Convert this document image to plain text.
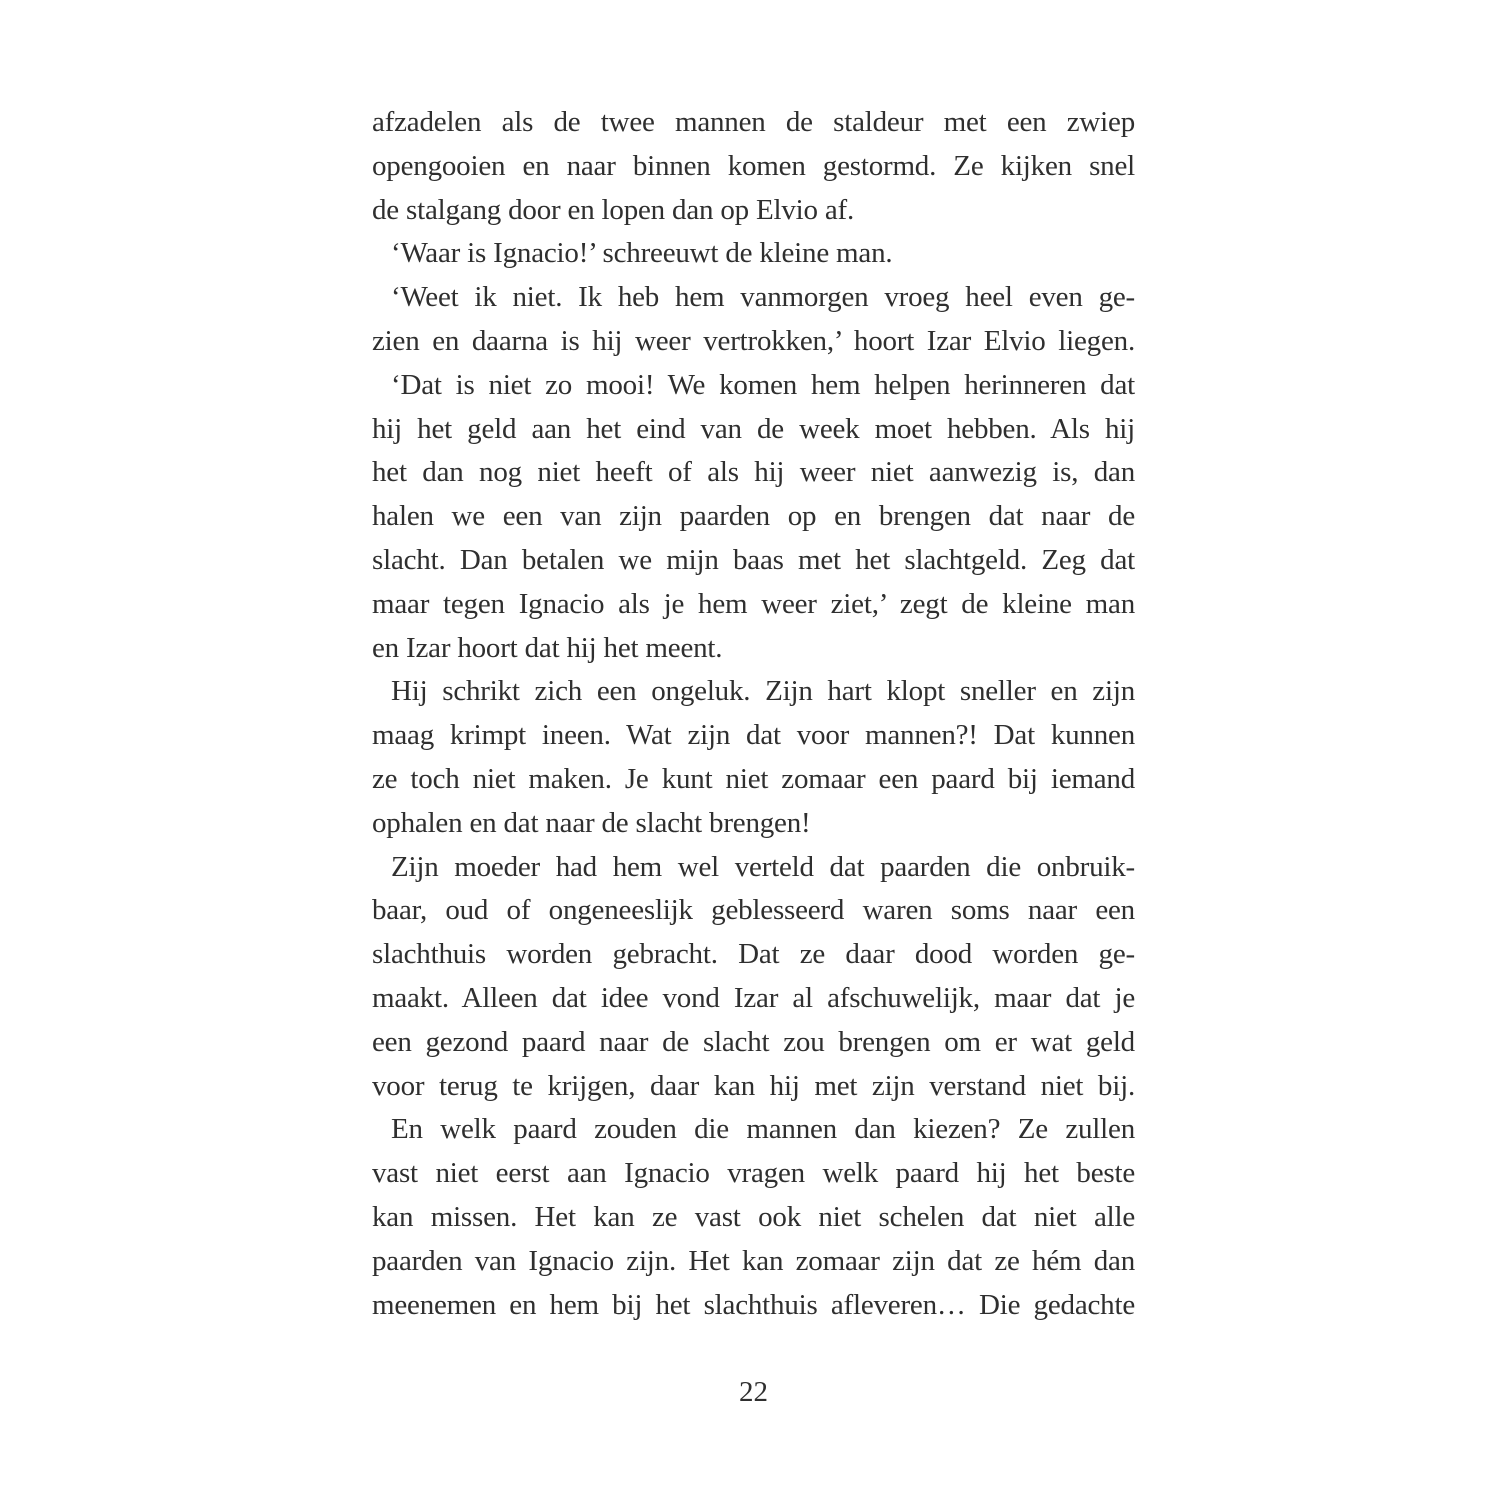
afzadelen als de twee mannen de staldeur met een zwiep
opengooien en naar binnen komen gestormd. Ze kijken snel
de stalgang door en lopen dan op Elvio af.
‘Waar is Ignacio!’ schreeuwt de kleine man.
‘Weet ik niet. Ik heb hem vanmorgen vroeg heel even ge-
zien en daarna is hij weer vertrokken,’ hoort Izar Elvio liegen.
‘Dat is niet zo mooi! We komen hem helpen herinneren dat
hij het geld aan het eind van de week moet hebben. Als hij
het dan nog niet heeft of als hij weer niet aanwezig is, dan
halen we een van zijn paarden op en brengen dat naar de
slacht. Dan betalen we mijn baas met het slachtgeld. Zeg dat
maar tegen Ignacio als je hem weer ziet,’ zegt de kleine man
en Izar hoort dat hij het meent.
Hij schrikt zich een ongeluk. Zijn hart klopt sneller en zijn
maag krimpt ineen. Wat zijn dat voor mannen?! Dat kunnen
ze toch niet maken. Je kunt niet zomaar een paard bij iemand
ophalen en dat naar de slacht brengen!
Zijn moeder had hem wel verteld dat paarden die onbruik-
baar, oud of ongeneeslijk geblesseerd waren soms naar een
slachthuis worden gebracht. Dat ze daar dood worden ge-
maakt. Alleen dat idee vond Izar al afschuwelijk, maar dat je
een gezond paard naar de slacht zou brengen om er wat geld
voor terug te krijgen, daar kan hij met zijn verstand niet bij.
En welk paard zouden die mannen dan kiezen? Ze zullen
vast niet eerst aan Ignacio vragen welk paard hij het beste
kan missen. Het kan ze vast ook niet schelen dat niet alle
paarden van Ignacio zijn. Het kan zomaar zijn dat ze hém dan
meenemen en hem bij het slachthuis afleveren… Die gedachte
22
